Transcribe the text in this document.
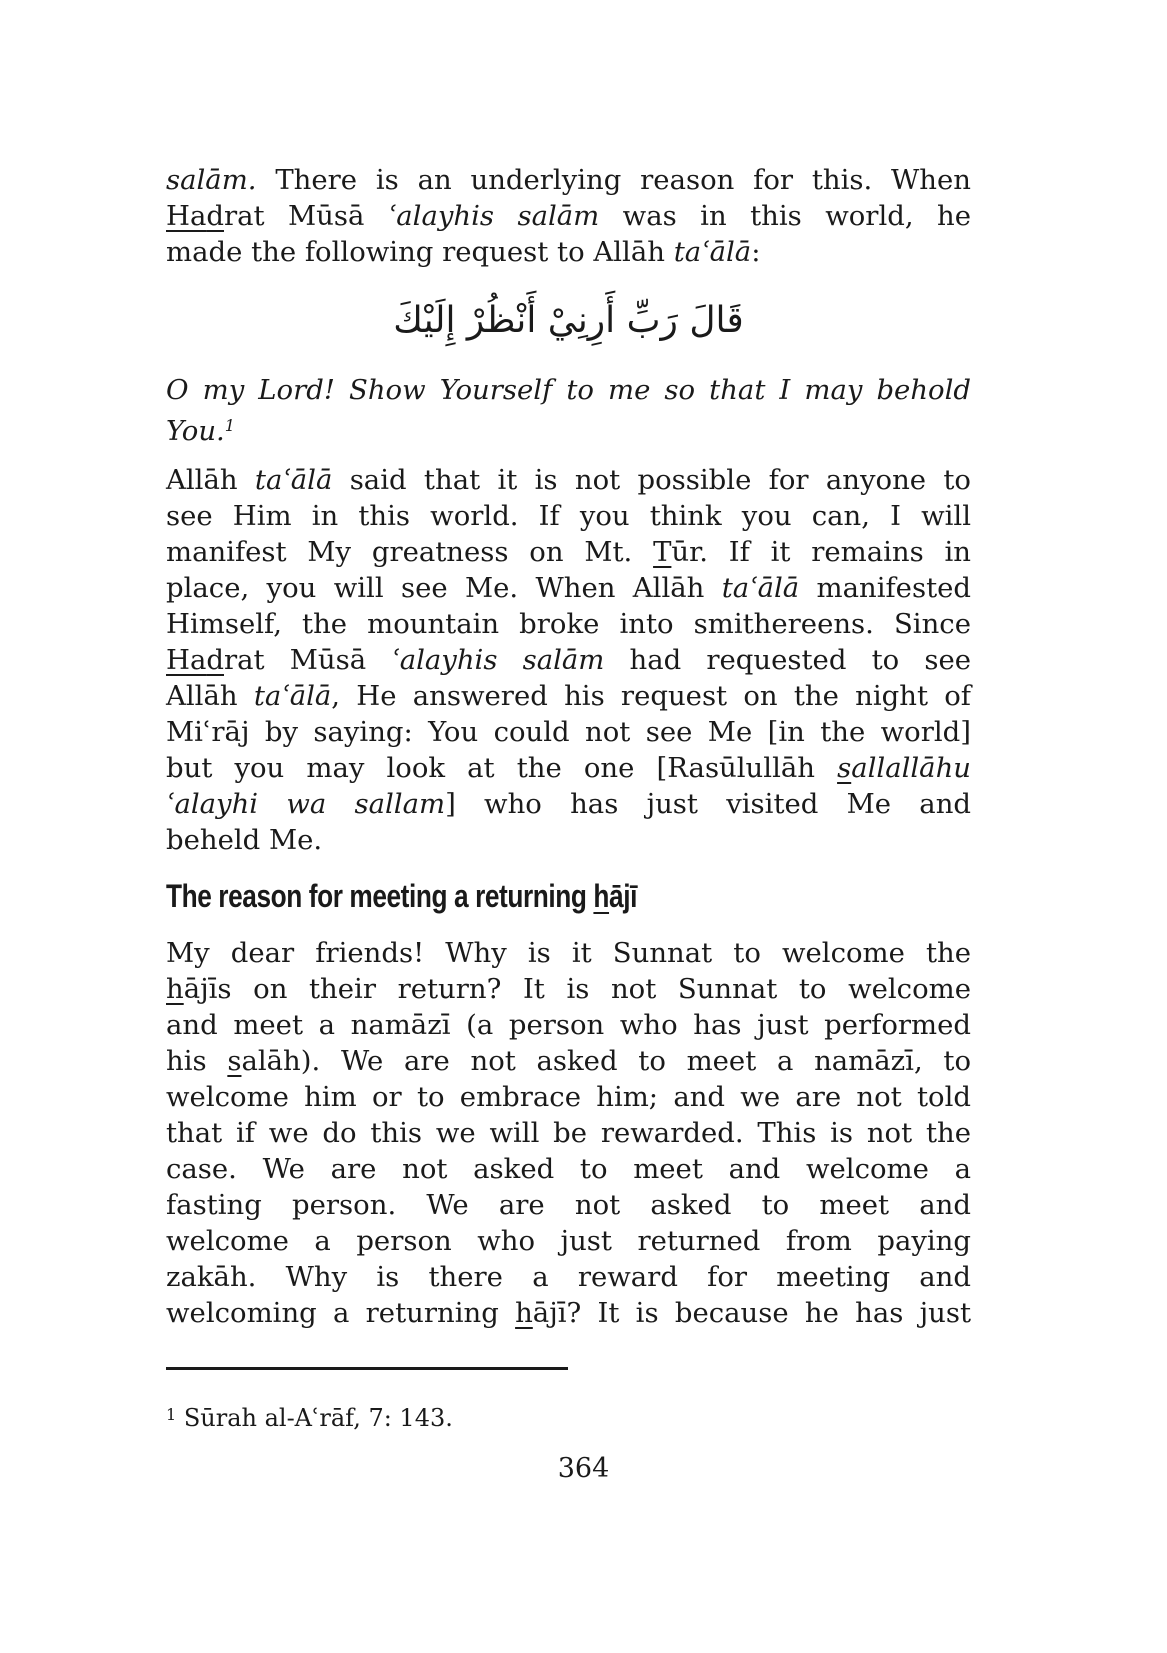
salām. There is an underlying reason for this. When
Hadrat Mūsā ʿalayhis salām was in this world, he
made the following request to Allāh taʿālā:

قَالَ رَبِّ أَرِنِيْ أَنْظُرْ إِلَيْكَ

O my Lord! Show Yourself to me so that I may behold
You.$^1$

Allāh taʿālā said that it is not possible for anyone to
see Him in this world. If you think you can, I will
manifest My greatness on Mt. Tūr. If it remains in
place, you will see Me. When Allāh taʿālā manifested
Himself, the mountain broke into smithereens. Since
Hadrat Mūsā ʿalayhis salām had requested to see
Allāh taʿālā, He answered his request on the night of
Miʿrāj by saying: You could not see Me [in the world]
but you may look at the one [Rasūlullāh sallallāhu
ʿalayhi wa sallam] who has just visited Me and
beheld Me.

The reason for meeting a returning hājī

My dear friends! Why is it Sunnat to welcome the
hājīs on their return? It is not Sunnat to welcome
and meet a namāzī (a person who has just performed
his salāh). We are not asked to meet a namāzī, to
welcome him or to embrace him; and we are not told
that if we do this we will be rewarded. This is not the
case. We are not asked to meet and welcome a
fasting person. We are not asked to meet and
welcome a person who just returned from paying
zakāh. Why is there a reward for meeting and
welcoming a returning hājī? It is because he has just

$^1$ Sūrah al-Aʿrāf, 7: 143.

364
